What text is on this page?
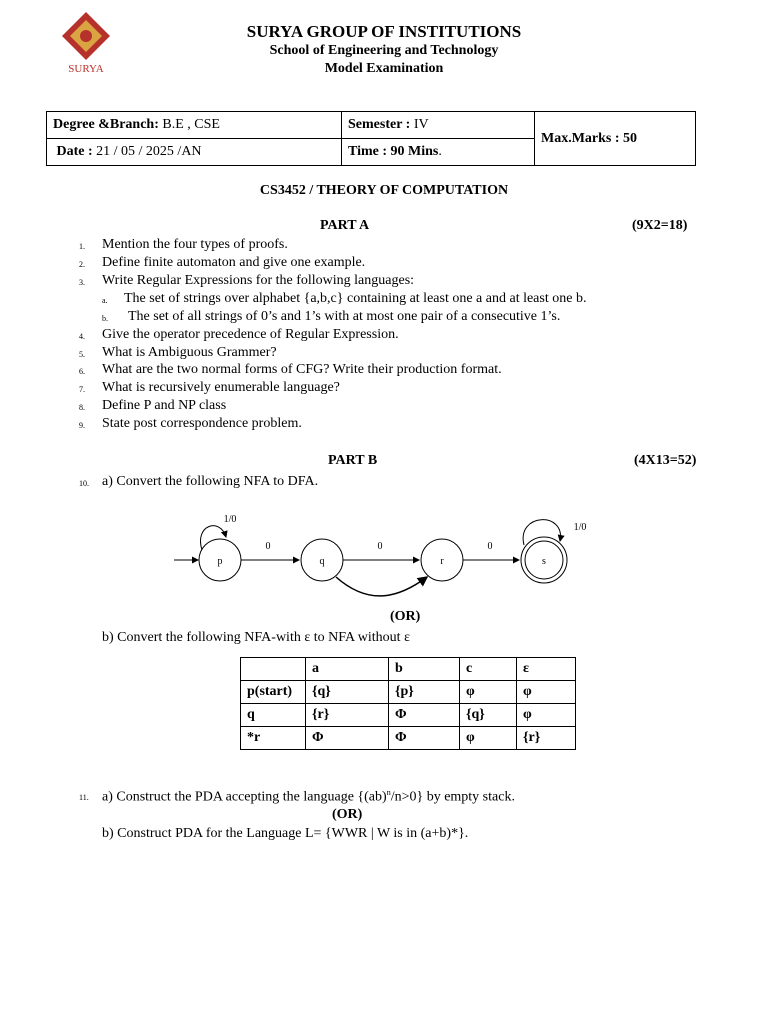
SURYA
SURYA GROUP OF INSTITUTIONS
School of Engineering and Technology
Model Examination
Degree &Branch: B.E , CSE	Semester : IV	Max.Marks : 50
Date : 21 / 05 / 2025 /AN	Time : 90 Mins.	
CS3452 / THEORY OF COMPUTATION
PART A	(9X2=18)
1. Mention the four types of proofs.
2. Define finite automaton and give one example.
3. Write Regular Expressions for the following languages:
a. The set of strings over alphabet {a,b,c} containing at least one a and at least one b.
b. The set of all strings of 0’s and 1’s with at most one pair of a consecutive 1’s.
4. Give the operator precedence of Regular Expression.
5. What is Ambiguous Grammer?
6. What are the two normal forms of CFG? Write their production format.
7. What is recursively enumerable language?
8. Define P and NP class
9. State post correspondence problem.
PART B	(4X13=52)
10. a) Convert the following NFA to DFA.
p	q	r	s
0	0	0
1/0
1/0
(OR)
b) Convert the following NFA-with ε to NFA without ε
	a	b	c	ε
p(start)	{q}	{p}	φ	φ
q	{r}	Φ	{q}	φ
*r	Φ	Φ	φ	{r}
11. a) Construct the PDA accepting the language {(ab)$^n$/n>0} by empty stack.
(OR)
b) Construct PDA for the Language L= {WWR | W is in (a+b)*}.
